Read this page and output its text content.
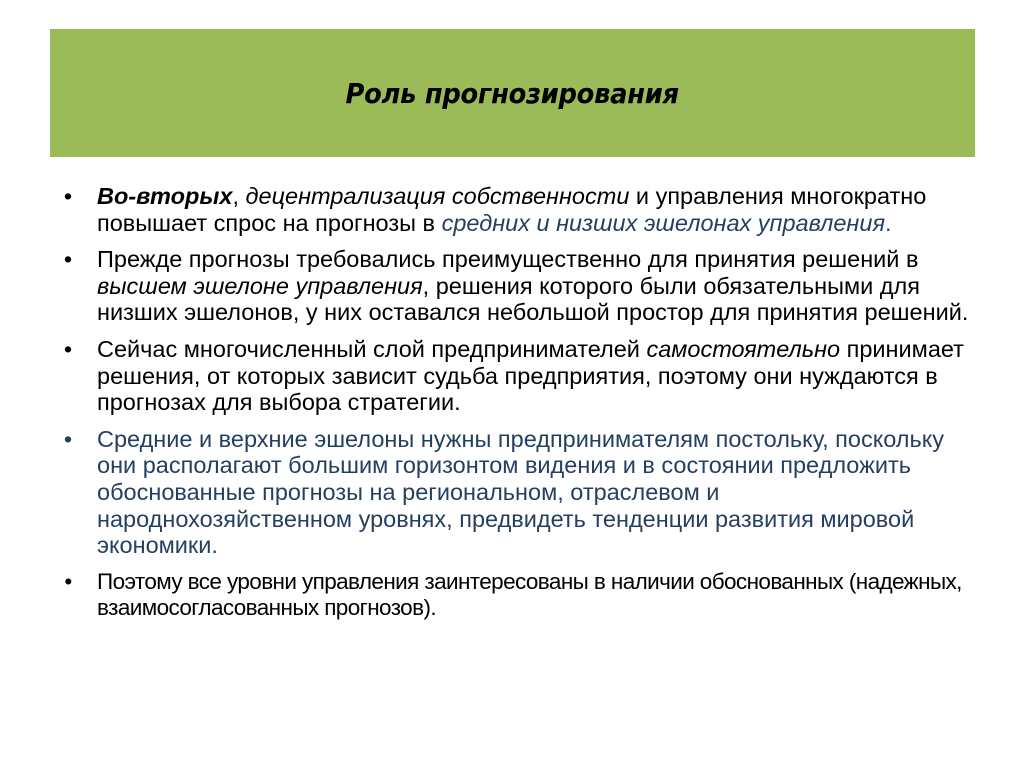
Роль прогнозирования
• Во-вторых, децентрализация собственности и управления многократно повышает спрос на прогнозы в средних и низших эшелонах управления.
• Прежде прогнозы требовались преимущественно для принятия решений в высшем эшелоне управления, решения которого были обязательными для низших эшелонов, у них оставался небольшой простор для принятия решений.
• Сейчас многочисленный слой предпринимателей самостоятельно принимает решения, от которых зависит судьба предприятия, поэтому они нуждаются в прогнозах для выбора стратегии.
• Средние и верхние эшелоны нужны предпринимателям постольку, поскольку они располагают большим горизонтом видения и в состоянии предложить обоснованные прогнозы на региональном, отраслевом и народнохозяйственном уровнях, предвидеть тенденции развития мировой экономики.
• Поэтому все уровни управления заинтересованы в наличии обоснованных (надежных, взаимосогласованных прогнозов).
